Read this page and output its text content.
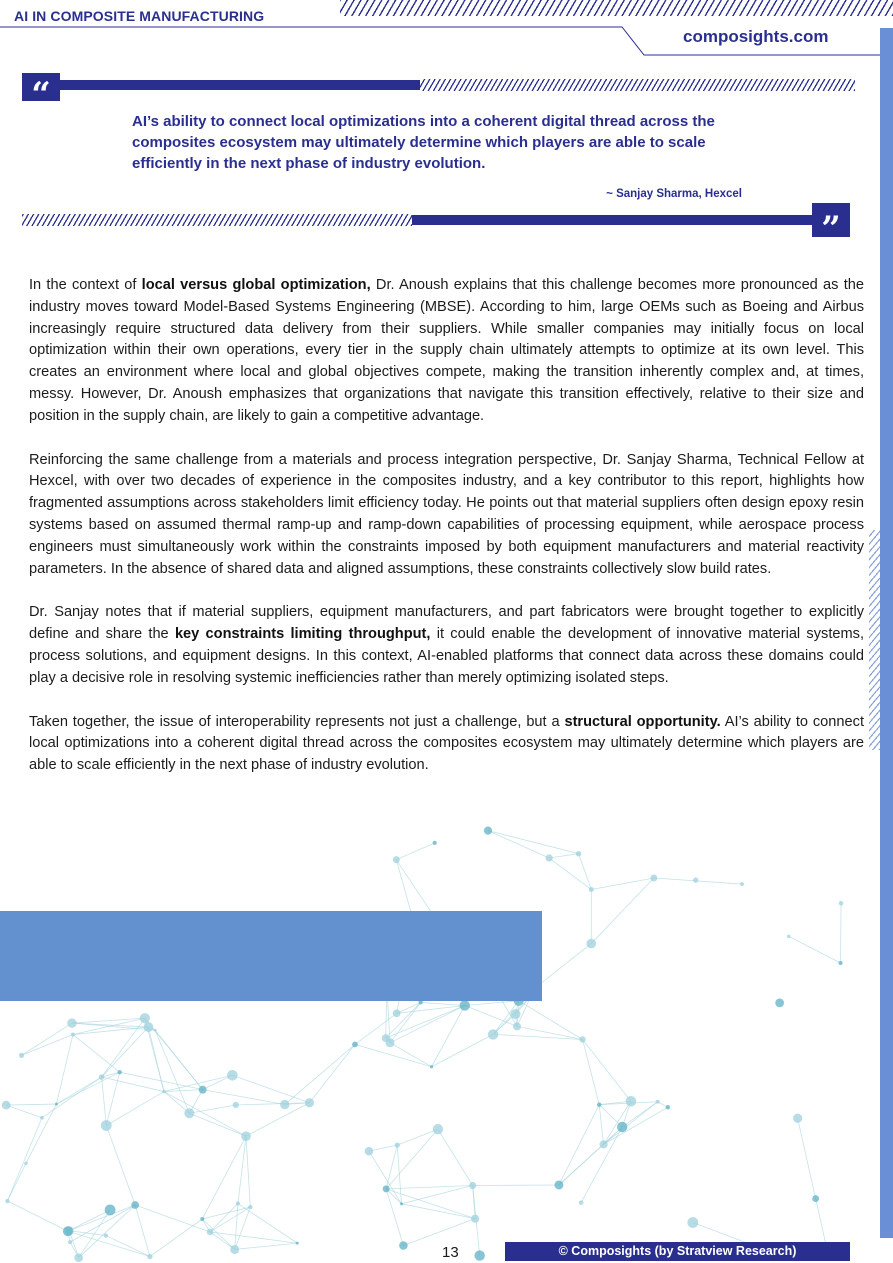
AI IN COMPOSITE MANUFACTURING
composights.com
“
AI’s ability to connect local optimizations into a coherent digital thread across the composites ecosystem may ultimately determine which players are able to scale efficiently in the next phase of industry evolution.
~ Sanjay Sharma, Hexcel
”

In the context of local versus global optimization, Dr. Anoush explains that this challenge becomes more pronounced as the industry moves toward Model-Based Systems Engineering (MBSE). According to him, large OEMs such as Boeing and Airbus increasingly require structured data delivery from their suppliers. While smaller companies may initially focus on local optimization within their own operations, every tier in the supply chain ultimately attempts to optimize at its own level. This creates an environment where local and global objectives compete, making the transition inherently complex and, at times, messy. However, Dr. Anoush emphasizes that organizations that navigate this transition effectively, relative to their size and position in the supply chain, are likely to gain a competitive advantage.

Reinforcing the same challenge from a materials and process integration perspective, Dr. Sanjay Sharma, Technical Fellow at Hexcel, with over two decades of experience in the composites industry, and a key contributor to this report, highlights how fragmented assumptions across stakeholders limit efficiency today. He points out that material suppliers often design epoxy resin systems based on assumed thermal ramp-up and ramp-down capabilities of processing equipment, while aerospace process engineers must simultaneously work within the constraints imposed by both equipment manufacturers and material reactivity parameters. In the absence of shared data and aligned assumptions, these constraints collectively slow build rates.

Dr. Sanjay notes that if material suppliers, equipment manufacturers, and part fabricators were brought together to explicitly define and share the key constraints limiting throughput, it could enable the development of innovative material systems, process solutions, and equipment designs. In this context, AI-enabled platforms that connect data across these domains could play a decisive role in resolving systemic inefficiencies rather than merely optimizing isolated steps.

Taken together, the issue of interoperability represents not just a challenge, but a structural opportunity. AI’s ability to connect local optimizations into a coherent digital thread across the composites ecosystem may ultimately determine which players are able to scale efficiently in the next phase of industry evolution.

13	© Composights (by Stratview Research)
